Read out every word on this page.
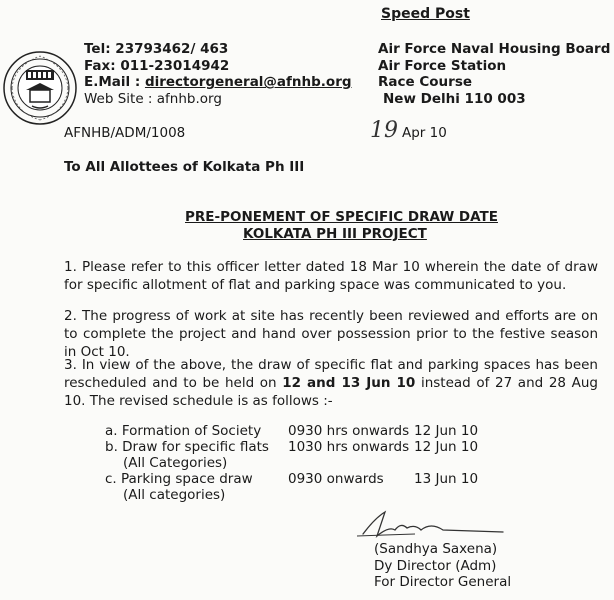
Speed Post
Tel: 23793462/ 463
Fax: 011-23014942
E.Mail : directorgeneral@afnhb.org
Web Site : afnhb.org
Air Force Naval Housing Board
Air Force Station
Race Course
New Delhi 110 003
AFNHB/ADM/1008	19 Apr 10
To All Allottees of Kolkata Ph III
PRE-PONEMENT OF SPECIFIC DRAW DATE
KOLKATA PH III PROJECT
1. Please refer to this officer letter dated 18 Mar 10 wherein the date of draw for specific allotment of flat and parking space was communicated to you.
2. The progress of work at site has recently been reviewed and efforts are on to complete the project and hand over possession prior to the festive season in Oct 10.
3. In view of the above, the draw of specific flat and parking spaces has been rescheduled and to be held on 12 and 13 Jun 10 instead of 27 and 28 Aug 10. The revised schedule is as follows :-
a. Formation of Society 0930 hrs onwards 12 Jun 10
b. Draw for specific flats
(All Categories)
1030 hrs onwards 12 Jun 10
c. Parking space draw
(All categories)
0930 onwards 13 Jun 10
(Sandhya Saxena)
Dy Director (Adm)
For Director General
